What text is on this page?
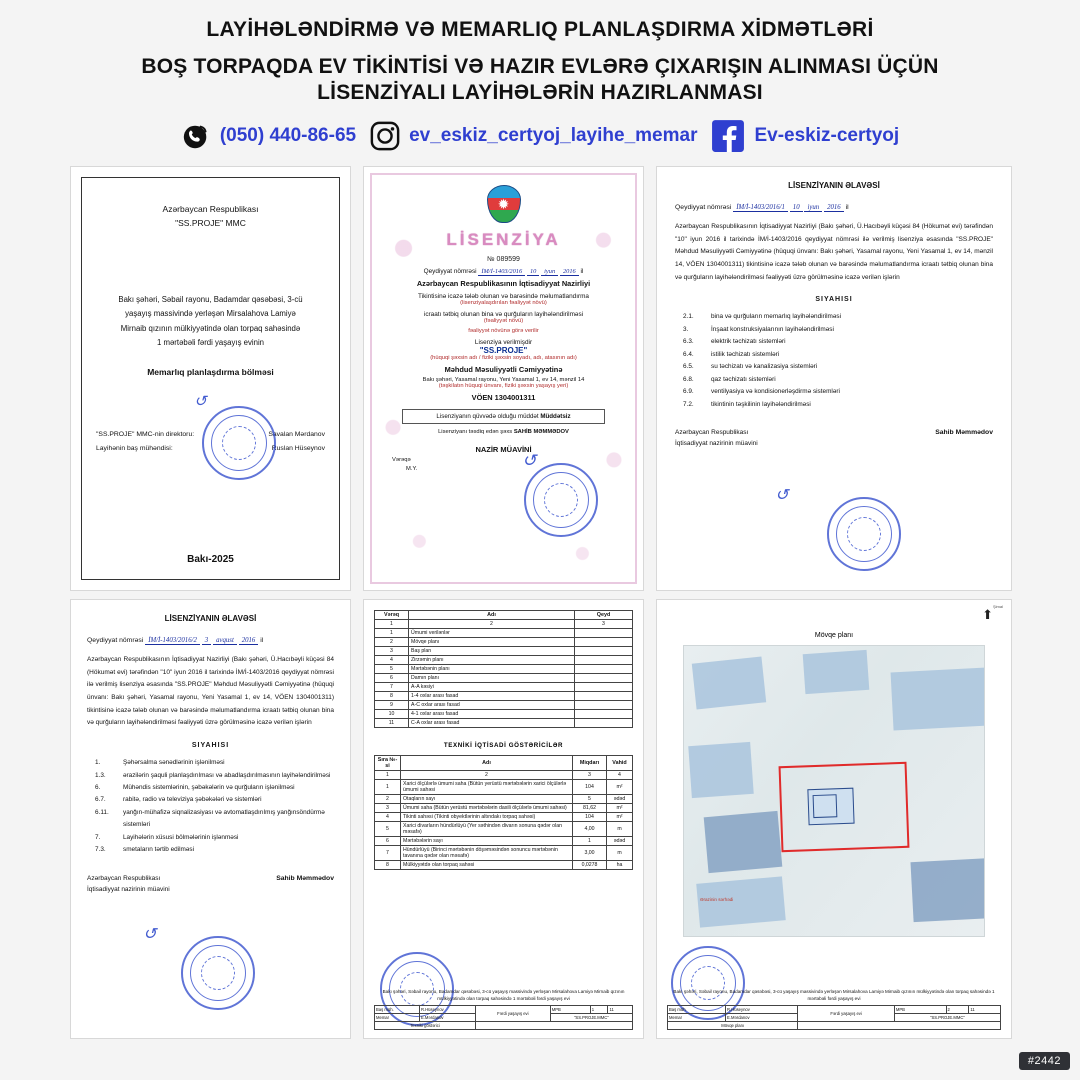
LAYİHƏLƏNDİRMƏ VƏ MEMARLIQ PLANLAŞDIRMA XİDMƏTLƏRİ
BOŞ TORPAQDA EV TİKİNTİSİ VƏ HAZIR EVLƏRƏ ÇIXARIŞIN ALINMASI ÜÇÜN
LİSENZİYALI LAYİHƏLƏRİN HAZIRLANMASI
(050) 440-86-65	ev_eskiz_certyoj_layihe_memar	Ev-eskiz-certyoj
Azərbaycan Respublikası
"SS.PROJE" MMC
Bakı şəhəri, Səbail rayonu, Badamdar qəsəbəsi, 3-cü
yaşayış massivində yerləşən Mirsalahova Lamiyə
Mirnaib qızının mülkiyyətində olan torpaq sahəsində
1 mərtəbəli fərdi yaşayış evinin
Memarlıq planlaşdırma bölməsi
"SS.PROJE" MMC-nin direktoru:	Savalan Mərdanov
Layihənin baş mühəndisi:	Ruslan Hüseynov
↺
Bakı-2025
✹
LİSENZİYA
№ 089599
Qeydiyyat nömrəsi İM/İ-1403/2016 10 iyun 2016 il
Azərbaycan Respublikasının İqtisadiyyat Nazirliyi
Tikintisinə icazə tələb olunan və barəsində məlumatlandırma
(lisenziyalaşdırılan fəaliyyət növü)
icraatı tətbiq olunan bina və qurğuların layihələndirilməsi
(fəaliyyət növü)
fəaliyyət növünə görə verilir
Lisenziya verilmişdir
"SS.PROJE"
(hüquqi şəxsin adı / fiziki şəxsin soyadı, adı, atasının adı)
Məhdud Məsuliyyətli Cəmiyyətinə
Bakı şəhəri, Yasamal rayonu, Yeni Yasamal 1, ev 14, mənzil 14
(təşkilatın hüquqi ünvanı, fiziki şəxsin yaşayış yeri)
VÖEN 1304001311
Lisenziyanın qüvvədə olduğu müddət Müddətsiz
Lisenziyanı təsdiq edən şəxs SAHİB MƏMMƏDOV
NAZİR MÜAVİNİ
Vərəqə
M.Y.	↺
LİSENZİYANIN ƏLAVƏSİ
Qeydiyyat nömrəsi İM/İ-1403/2016/1 10 iyun 2016 il
Azərbaycan Respublikasının İqtisadiyyat Nazirliyi (Bakı şəhəri, Ü.Hacıbəyli küçəsi 84 (Hökumət evi) tərəfindən "10" iyun 2016 il tarixində İM/İ-1403/2016 qeydiyyat nömrəsi ilə verilmiş lisenziya əsasında "SS.PROJE" Məhdud Məsuliyyətli Cəmiyyətinə (hüquqi ünvanı: Bakı şəhəri, Yasamal rayonu, Yeni Yasamal 1, ev 14, mənzil 14, VÖEN 1304001311) tikintisinə icazə tələb olunan və barəsində məlumatlandırma icraatı tətbiq olunan bina və qurğuların layihələndirilməsi fəaliyyəti üzrə görülməsinə icazə verilən işlərin
SIYAHISI
2.1.	bina və qurğuların memarlıq layihələndirilməsi
3.	İnşaat konstruksiyalarının layihələndirilməsi
6.3.	elektrik təchizatı sistemləri
6.4.	istilik təchizatı sistemləri
6.5.	su təchizatı və kanalizasiya sistemləri
6.8.	qaz təchizatı sistemləri
6.9.	ventilyasiya və kondisionerləşdirmə sistemləri
7.2.	tikintinin təşkilinin layihələndirilməsi
Azərbaycan Respublikası
İqtisadiyyat nazirinin müavini
Sahib Məmmədov
↺
LİSENZİYANIN ƏLAVƏSİ
Qeydiyyat nömrəsi İM/İ-1403/2016/2 3 avqust 2016 il
Azərbaycan Respublikasının İqtisadiyyat Nazirliyi (Bakı şəhəri, Ü.Hacıbəyli küçəsi 84 (Hökumət evi) tərəfindən "10" iyun 2016 il tarixində İM/İ-1403/2016 qeydiyyat nömrəsi ilə verilmiş lisenziya əsasında "SS.PROJE" Məhdud Məsuliyyətli Cəmiyyətinə (hüquqi ünvanı: Bakı şəhəri, Yasamal rayonu, Yeni Yasamal 1, ev 14, VÖEN 1304001311) tikintisinə icazə tələb olunan və barəsində məlumatlandırma icraatı tətbiq olunan bina və qurğuların layihələndirilməsi fəaliyyəti üzrə görülməsinə icazə verilən işlərin
SIYAHISI
1.	Şəhərsalma sənədlərinin işlənilməsi
1.3.	ərazilərin şaquli planlaşdırılması və abadlaşdırılmasının layihələndirilməsi
6.	Mühəndis sistemlərinin, şəbəkələrin və qurğuların işlənilməsi
6.7.	rabitə, radio və televiziya şəbəkələri və sistemləri
6.11.	yanğın-mühafizə siqnalizasiyası və avtomatlaşdırılmış yanğınsöndürmə sistemləri
7.	Layihələrin xüsusi bölmələrinin işlənməsi
7.3.	smetaların tərtib edilməsi
Azərbaycan Respublikası
İqtisadiyyat nazirinin müavini
Sahib Məmmədov
↺
Vərəq	Adı	Qeyd
1	2	3
1	Ümumi verilənlər	
2	Mövqe planı	
3	Baş plan	
4	Zirzəmin planı	
5	Mərtəbənin planı	
6	Damın planı	
7	A-A kəsiyi	
8	1-4 oxlar arası fasad	
9	A-C oxlar arası fasad	
10	4-1 oxlar arası fasad	
11	C-A oxlar arası fasad	
TEXNİKİ İQTİSADİ GÖSTƏRİCİLƏR
Sıra №-si	Adı	Miqdarı	Vahid
1	2	3	4
1	Xarici ölçülərlə ümumi saha (Bütün yerüstü mərtəbələrin xarici ölçülərlə ümumi sahəsi	104	m²
2	Otaqların sayı	5	ədəd
3	Ümumi saha (Bütün yerüstü mərtəbələrin daxili ölçülərlə ümumi sahəsi)	81,62	m²
4	Tikinti sahəsi (Tikinti obyektlərinin altındakı torpaq sahəsi)	104	m²
5	Xarici divarların hündürlüyü (Yer səthindən divarın sonuna qədər olan məsafə)	4,00	m
6	Mərtəbələrin sayı	1	ədəd
7	Hündürlüyü (Birinci mərtəbənin döşəməsindən sonuncu mərtəbənin tavanına qədər olan məsafə)	3,00	m
8	Mülkiyyətdə olan torpaq sahəsi	0,0278	ha
Bakı şəhəri, Səbail rayonu, Badamdar qəsəbəsi, 3-cü yaşayış massivində yerləşən Mirsalahova Lamiyə Mirnaib qızının mülkiyyətində olan torpaq sahəsində 1 mərtəbəli fərdi yaşayış evi
Baş müh.	R.Hüseynov	Fərdi yaşayış evi	MPB	1	11
Memar	E.Mərdanov		"SS.PROJE.MMC"		
Texniki göstərici					
Şimal
⬆
Mövqe planı
Ərazinin sərhədi
Bakı şəhəri, Səbail rayonu, Badamdar qəsəbəsi, 3-cü yaşayış massivində yerləşən Mirsalahova Lamiyə Mirnaib qızının mülkiyyətində olan torpaq sahəsində 1 mərtəbəli fərdi yaşayış evi
Baş müh.	R.Hüseynov	Fərdi yaşayış evi	MPB	2	11
Memar	E.Mərdanov		"SS.PROJE.MMC"		
Mövqe planı					
#2442
